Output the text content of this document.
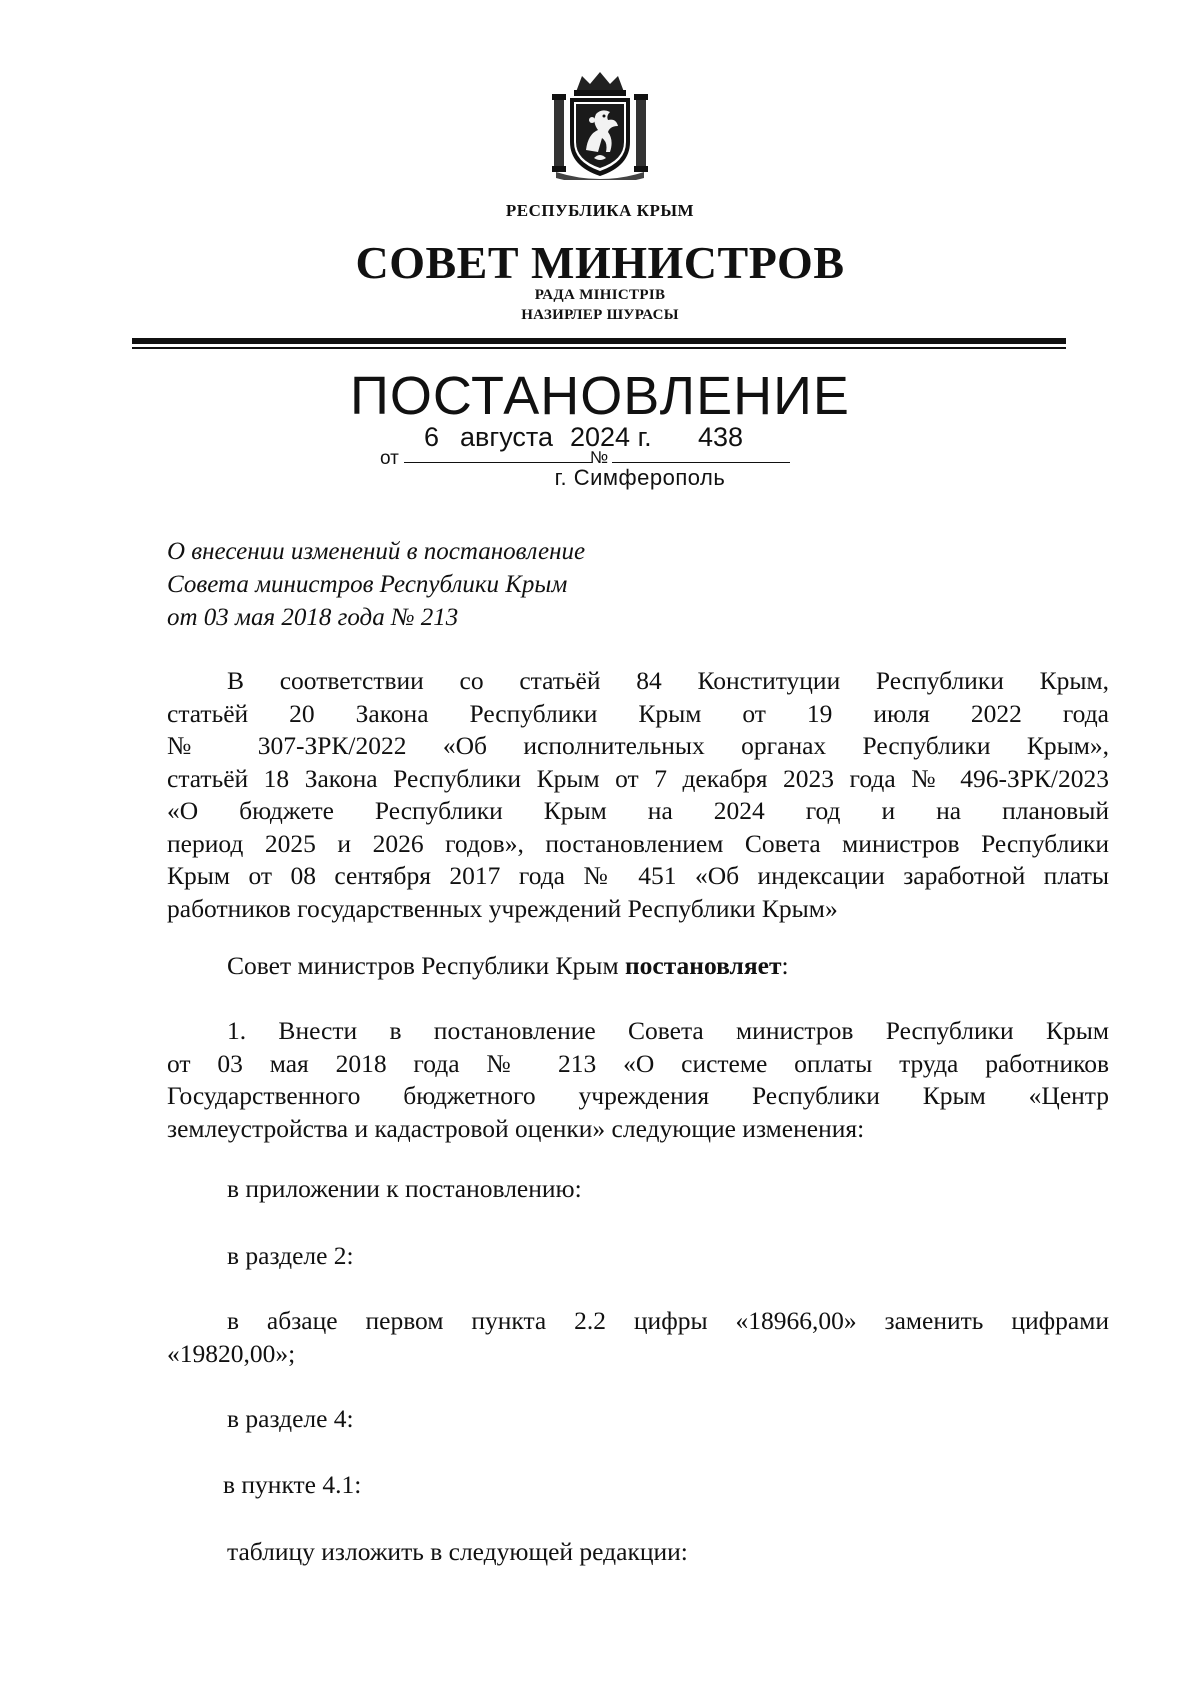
РЕСПУБЛИКА КРЫМ
СОВЕТ МИНИСТРОВ
РАДА МІНІСТРІВ
НАЗИРЛЕР ШУРАСЫ
ПОСТАНОВЛЕНИЕ
от
6 августа 2024 г.
№
438
г. Симферополь
О внесении изменений в постановление
Совета министров Республики Крым
от 03 мая 2018 года № 213
В соответствии со статьёй 84 Конституции Республики Крым,
статьёй 20 Закона Республики Крым от 19 июля 2022 года
№ 307-ЗРК/2022 «Об исполнительных органах Республики Крым»,
статьёй 18 Закона Республики Крым от 7 декабря 2023 года № 496-ЗРК/2023
«О бюджете Республики Крым на 2024 год и на плановый
период 2025 и 2026 годов», постановлением Совета министров Республики
Крым от 08 сентября 2017 года № 451 «Об индексации заработной платы
работников государственных учреждений Республики Крым»
Совет министров Республики Крым постановляет:
1. Внести в постановление Совета министров Республики Крым
от 03 мая 2018 года № 213 «О системе оплаты труда работников
Государственного бюджетного учреждения Республики Крым «Центр
землеустройства и кадастровой оценки» следующие изменения:
в приложении к постановлению:
в разделе 2:
в абзаце первом пункта 2.2 цифры «18966,00» заменить цифрами
«19820,00»;
в разделе 4:
в пункте 4.1:
таблицу изложить в следующей редакции:
